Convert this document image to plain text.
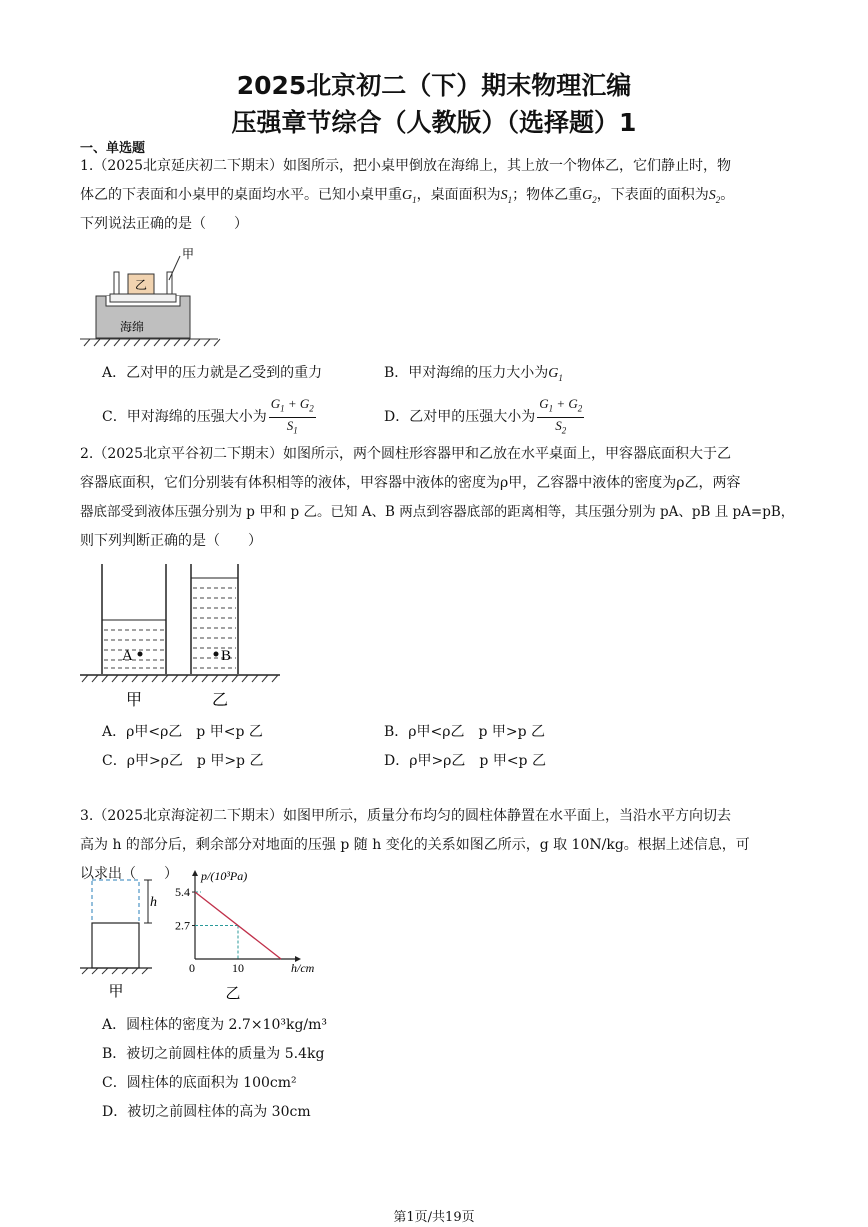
2025北京初二（下）期末物理汇编
压强章节综合（人教版）（选择题）1
一、单选题
1.（2025北京延庆初二下期末）如图所示，把小桌甲倒放在海绵上，其上放一个物体乙，它们静止时，物
体乙的下表面和小桌甲的桌面均水平。已知小桌甲重$G_1$，桌面面积为$S_1$；物体乙重$G_2$，下表面的面积为$S_2$。
下列说法正确的是（　　）
乙
甲
海绵
A．乙对甲的压力就是乙受到的重力	B．甲对海绵的压力大小为$G_1$
C．甲对海绵的压强大小为 $\frac{G_1 + G_2}{S_1}$	D．乙对甲的压强大小为 $\frac{G_1 + G_2}{S_2}$
2.（2025北京平谷初二下期末）如图所示，两个圆柱形容器甲和乙放在水平桌面上，甲容器底面积大于乙
容器底面积，它们分别装有体积相等的液体，甲容器中液体的密度为ρ甲，乙容器中液体的密度为ρ乙，两容
器底部受到液体压强分别为 p 甲和 p 乙。已知 A、B 两点到容器底部的距离相等，其压强分别为 pA、pB 且 pA=pB，
则下列判断正确的是（　　）
A	B
甲	乙
A．ρ甲<ρ乙　p 甲<p 乙	B．ρ甲<ρ乙　p 甲>p 乙
C．ρ甲>ρ乙　p 甲>p 乙	D．ρ甲>ρ乙　p 甲<p 乙
3.（2025北京海淀初二下期末）如图甲所示，质量分布均匀的圆柱体静置在水平面上，当沿水平方向切去
高为 h 的部分后，剩余部分对地面的压强 p 随 h 变化的关系如图乙所示，g 取 10N/kg。根据上述信息，可
以求出（　　）
h
甲
p/(10³Pa)
h/cm
5.4
2.7
0	10
乙
A．圆柱体的密度为 2.7×10³kg/m³
B．被切之前圆柱体的质量为 5.4kg
C．圆柱体的底面积为 100cm²
D．被切之前圆柱体的高为 30cm
第1页/共19页
